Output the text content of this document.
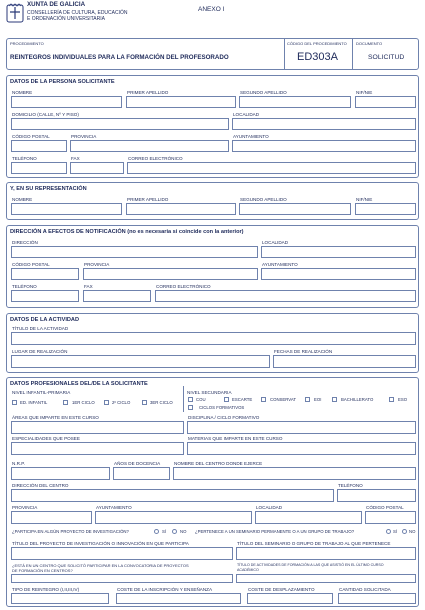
XUNTA DE GALICIA
CONSELLERÍA DE CULTURA, EDUCACIÓN
E ORDENACIÓN UNIVERSITARIA
ANEXO I
PROCEDIMIENTO
REINTEGROS INDIVIDUALES PARA LA FORMACIÓN DEL PROFESORADO
CÓDIGO DEL PROCEDIMIENTO
ED303A
DOCUMENTO
SOLICITUD
DATOS DE LA PERSONA SOLICITANTE
NOMBRE	PRIMER APELLIDO	SEGUNDO APELLIDO	NIF/NIE
DOMICILIO (CALLE, Nº Y PISO)	LOCALIDAD
CÓDIGO POSTAL	PROVINCIA	AYUNTAMIENTO
TELÉFONO	FAX	CORREO ELECTRÓNICO
Y, EN SU REPRESENTACIÓN
NOMBRE	PRIMER APELLIDO	SEGUNDO APELLIDO	NIF/NIE
DIRECCIÓN A EFECTOS DE NOTIFICACIÓN (no es necesaria si coincide con la anterior)
DIRECCIÓN	LOCALIDAD
CÓDIGO POSTAL	PROVINCIA	AYUNTAMIENTO
TELÉFONO	FAX	CORREO ELECTRÓNICO
DATOS DE LA ACTIVIDAD
TÍTULO DE LA ACTIVIDAD
LUGAR DE REALIZACIÓN	FECHAS DE REALIZACIÓN
DATOS PROFESIONALES DEL/DE LA SOLICITANTE
NIVEL INFANTIL-PRIMARIA
ED. INFANTIL	1ER CICLO	2º CICLO	3ER CICLO
NIVEL SECUNDARIA
COU	ESCARTE	CONSERVAT	EOI	BACHILLERATO	ESO
CICLOS FORMATIVOS
ÁREAS QUE IMPARTE EN ESTE CURSO	DISCIPLINA / CICLO FORMATIVO
ESPECIALIDADES QUE POSEE	MATERIAS QUE IMPARTE EN ESTE CURSO
N.R.P.	AÑOS DE DOCENCIA	NOMBRE DEL CENTRO DONDE EJERCE
DIRECCIÓN DEL CENTRO	TELÉFONO
PROVINCIA	AYUNTAMIENTO	LOCALIDAD	CÓDIGO POSTAL
¿PARTICIPA EN ALGÚN PROYECTO DE INVESTIGACIÓN?	SÍ	NO ¿PERTENECE A UN SEMINARIO PERMANENTE O A UN GRUPO DE TRABAJO?	SÍ	NO
TÍTULO DEL PROYECTO DE INVESTIGACIÓN O INNOVACIÓN EN QUE PARTICIPA	TÍTULO DEL SEMINARIO O GRUPO DE TRABAJO AL QUE PERTENECE
¿ESTÁ EN UN CENTRO QUE SOLICITÓ PARTICIPAR EN LA CONVOCATORIA DE PROYECTOS
DE FORMACIÓN EN CENTROS?
TÍTULO DE ACTIVIDADES DE FORMACIÓN A LAS QUE ASISTIÓ EN EL ÚLTIMO CURSO
ACADÉMICO
TIPO DE REINTEGRO (I,II,III,IV)	COSTE DE LA INSCRIPCIÓN Y ENSEÑANZA	COSTE DE DESPLAZAMIENTO	CANTIDAD SOLICITADA
